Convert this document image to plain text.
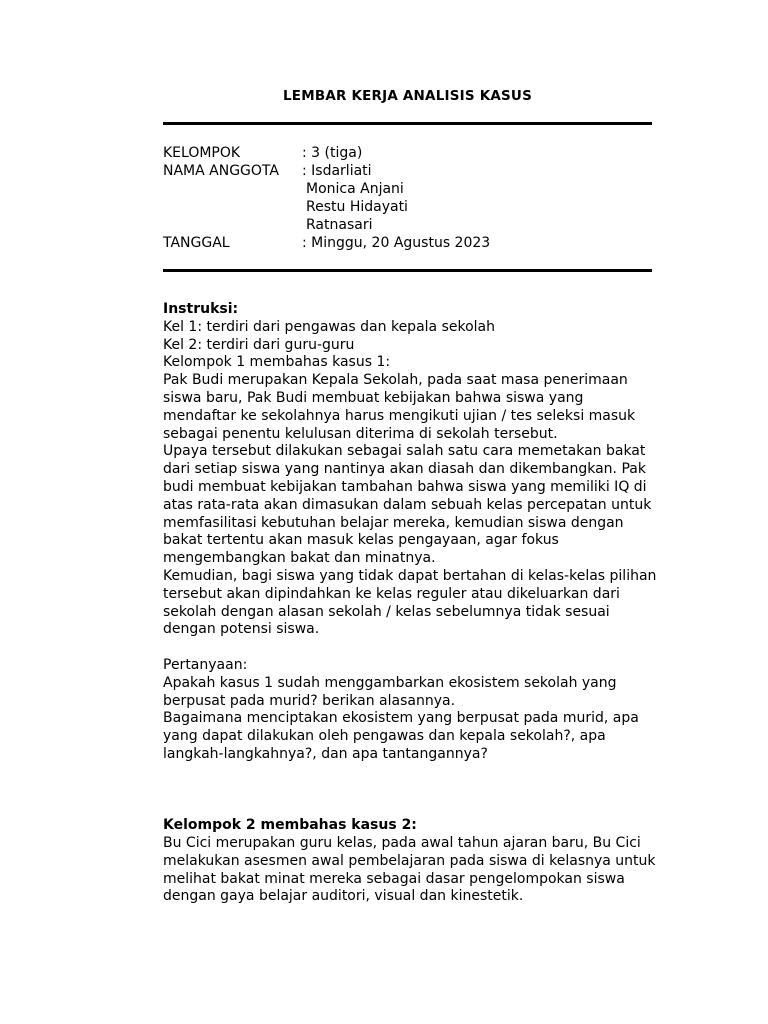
LEMBAR KERJA ANALISIS KASUS
KELOMPOK	: 3 (tiga)
NAMA ANGGOTA	: Isdarliati
Monica Anjani
Restu Hidayati
Ratnasari
TANGGAL	: Minggu, 20 Agustus 2023

Instruksi:

Kel 1: terdiri dari pengawas dan kepala sekolah

Kel 2: terdiri dari guru-guru

Kelompok 1 membahas kasus 1:

Pak Budi merupakan Kepala Sekolah, pada saat masa penerimaan siswa baru, Pak Budi membuat kebijakan bahwa siswa yang mendaftar ke sekolahnya harus mengikuti ujian / tes seleksi masuk sebagai penentu kelulusan diterima di sekolah tersebut.

Upaya tersebut dilakukan sebagai salah satu cara memetakan bakat dari setiap siswa yang nantinya akan diasah dan dikembangkan. Pak budi membuat kebijakan tambahan bahwa siswa yang memiliki IQ di atas rata-rata akan dimasukan dalam sebuah kelas percepatan untuk memfasilitasi kebutuhan belajar mereka, kemudian siswa dengan bakat tertentu akan masuk kelas pengayaan, agar fokus mengembangkan bakat dan minatnya.

Kemudian, bagi siswa yang tidak dapat bertahan di kelas-kelas pilihan tersebut akan dipindahkan ke kelas reguler atau dikeluarkan dari sekolah dengan alasan sekolah / kelas sebelumnya tidak sesuai dengan potensi siswa.

Pertanyaan:

Apakah kasus 1 sudah menggambarkan ekosistem sekolah yang berpusat pada murid? berikan alasannya.

Bagaimana menciptakan ekosistem yang berpusat pada murid, apa yang dapat dilakukan oleh pengawas dan kepala sekolah?, apa langkah-langkahnya?, dan apa tantangannya?

Kelompok 2 membahas kasus 2:

Bu Cici merupakan guru kelas, pada awal tahun ajaran baru, Bu Cici melakukan asesmen awal pembelajaran pada siswa di kelasnya untuk melihat bakat minat mereka sebagai dasar pengelompokan siswa dengan gaya belajar auditori, visual dan kinestetik.
